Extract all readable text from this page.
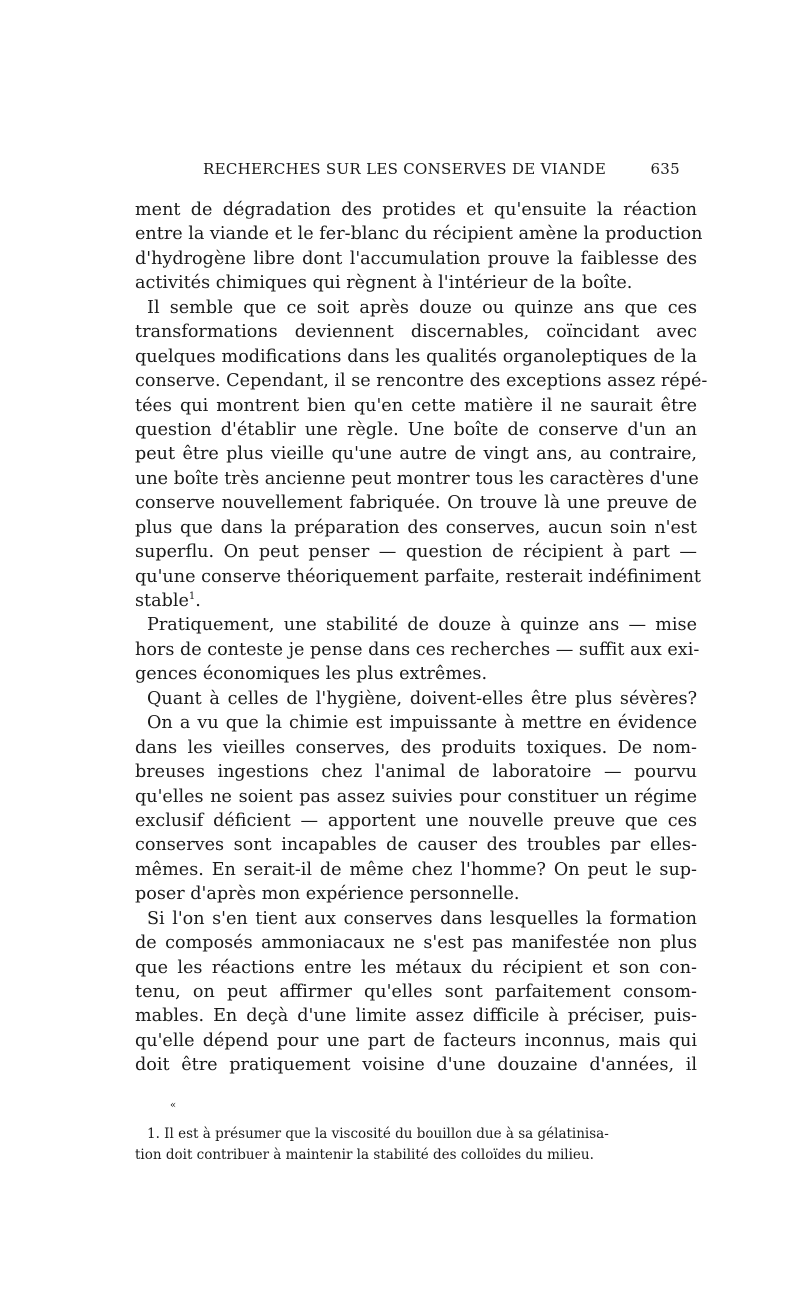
RECHERCHES SUR LES CONSERVES DE VIANDE	635
ment de dégradation des protides et qu'ensuite la réaction
entre la viande et le fer-blanc du récipient amène la production
d'hydrogène libre dont l'accumulation prouve la faiblesse des
activités chimiques qui règnent à l'intérieur de la boîte.
Il semble que ce soit après douze ou quinze ans que ces
transformations deviennent discernables, coïncidant avec
quelques modifications dans les qualités organoleptiques de la
conserve. Cependant, il se rencontre des exceptions assez répé-
tées qui montrent bien qu'en cette matière il ne saurait être
question d'établir une règle. Une boîte de conserve d'un an
peut être plus vieille qu'une autre de vingt ans, au contraire,
une boîte très ancienne peut montrer tous les caractères d'une
conserve nouvellement fabriquée. On trouve là une preuve de
plus que dans la préparation des conserves, aucun soin n'est
superflu. On peut penser — question de récipient à part —
qu'une conserve théoriquement parfaite, resterait indéfiniment
stable$^1$.
Pratiquement, une stabilité de douze à quinze ans — mise
hors de conteste je pense dans ces recherches — suffit aux exi-
gences économiques les plus extrêmes.
Quant à celles de l'hygiène, doivent-elles être plus sévères?
On a vu que la chimie est impuissante à mettre en évidence
dans les vieilles conserves, des produits toxiques. De nom-
breuses ingestions chez l'animal de laboratoire — pourvu
qu'elles ne soient pas assez suivies pour constituer un régime
exclusif déficient — apportent une nouvelle preuve que ces
conserves sont incapables de causer des troubles par elles-
mêmes. En serait-il de même chez l'homme? On peut le sup-
poser d'après mon expérience personnelle.
Si l'on s'en tient aux conserves dans lesquelles la formation
de composés ammoniacaux ne s'est pas manifestée non plus
que les réactions entre les métaux du récipient et son con-
tenu, on peut affirmer qu'elles sont parfaitement consom-
mables. En deçà d'une limite assez difficile à préciser, puis-
qu'elle dépend pour une part de facteurs inconnus, mais qui
doit être pratiquement voisine d'une douzaine d'années, il
«
1. Il est à présumer que la viscosité du bouillon due à sa gélatinisa-
tion doit contribuer à maintenir la stabilité des colloïdes du milieu.
